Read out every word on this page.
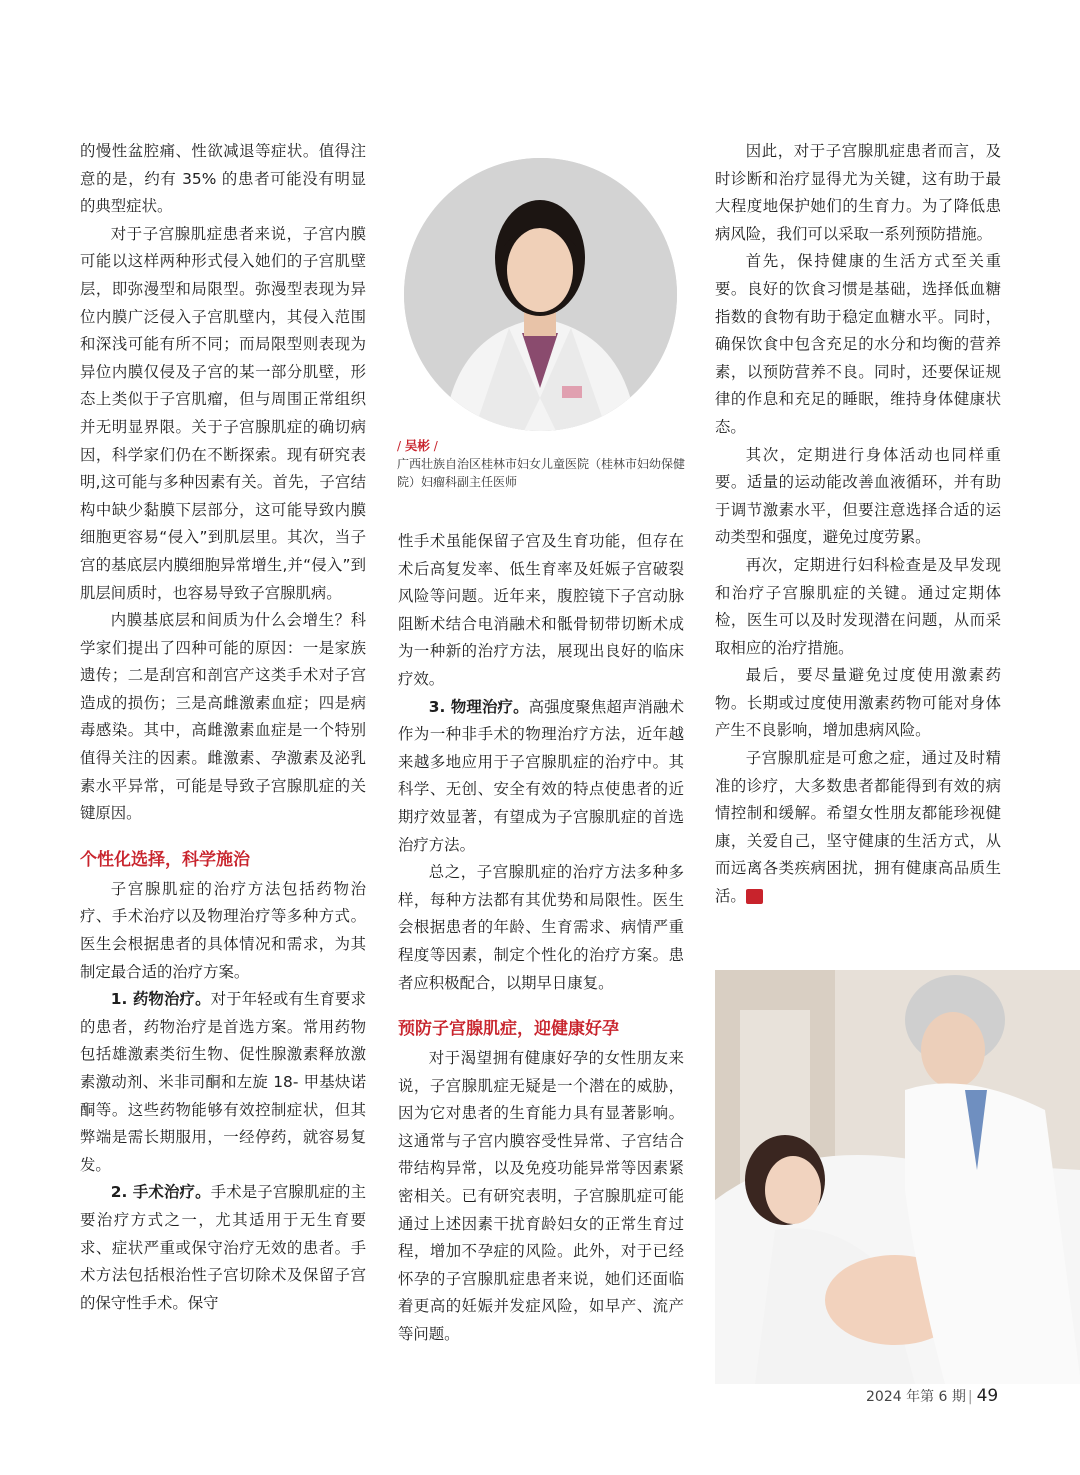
的慢性盆腔痛、性欲减退等症状。值得注意的是，约有 35% 的患者可能没有明显的典型症状。

对于子宫腺肌症患者来说，子宫内膜可能以这样两种形式侵入她们的子宫肌壁层，即弥漫型和局限型。弥漫型表现为异位内膜广泛侵入子宫肌壁内，其侵入范围和深浅可能有所不同；而局限型则表现为异位内膜仅侵及子宫的某一部分肌壁，形态上类似于子宫肌瘤，但与周围正常组织并无明显界限。关于子宫腺肌症的确切病因，科学家们仍在不断探索。现有研究表明,这可能与多种因素有关。首先，子宫结构中缺少黏膜下层部分，这可能导致内膜细胞更容易“侵入”到肌层里。其次，当子宫的基底层内膜细胞异常增生,并“侵入”到肌层间质时，也容易导致子宫腺肌病。

内膜基底层和间质为什么会增生？科学家们提出了四种可能的原因：一是家族遗传；二是刮宫和剖宫产这类手术对子宫造成的损伤；三是高雌激素血症；四是病毒感染。其中，高雌激素血症是一个特别值得关注的因素。雌激素、孕激素及泌乳素水平异常，可能是导致子宫腺肌症的关键原因。

个性化选择，科学施治

子宫腺肌症的治疗方法包括药物治疗、手术治疗以及物理治疗等多种方式。医生会根据患者的具体情况和需求，为其制定最合适的治疗方案。

1. 药物治疗。对于年轻或有生育要求的患者，药物治疗是首选方案。常用药物包括雄激素类衍生物、促性腺激素释放激素激动剂、米非司酮和左旋 18- 甲基炔诺酮等。这些药物能够有效控制症状，但其弊端是需长期服用，一经停药，就容易复发。

2. 手术治疗。手术是子宫腺肌症的主要治疗方式之一，尤其适用于无生育要求、症状严重或保守治疗无效的患者。手术方法包括根治性子宫切除术及保留子宫的保守性手术。保守

/ 吴彬 /
广西壮族自治区桂林市妇女儿童医院（桂林市妇幼保健院）妇瘤科副主任医师

性手术虽能保留子宫及生育功能，但存在术后高复发率、低生育率及妊娠子宫破裂风险等问题。近年来，腹腔镜下子宫动脉阻断术结合电消融术和骶骨韧带切断术成为一种新的治疗方法，展现出良好的临床疗效。

3. 物理治疗。高强度聚焦超声消融术作为一种非手术的物理治疗方法，近年越来越多地应用于子宫腺肌症的治疗中。其科学、无创、安全有效的特点使患者的近期疗效显著，有望成为子宫腺肌症的首选治疗方法。

总之，子宫腺肌症的治疗方法多种多样，每种方法都有其优势和局限性。医生会根据患者的年龄、生育需求、病情严重程度等因素，制定个性化的治疗方案。患者应积极配合，以期早日康复。

预防子宫腺肌症，迎健康好孕

对于渴望拥有健康好孕的女性朋友来说，子宫腺肌症无疑是一个潜在的威胁，因为它对患者的生育能力具有显著影响。这通常与子宫内膜容受性异常、子宫结合带结构异常，以及免疫功能异常等因素紧密相关。已有研究表明，子宫腺肌症可能通过上述因素干扰育龄妇女的正常生育过程，增加不孕症的风险。此外，对于已经怀孕的子宫腺肌症患者来说，她们还面临着更高的妊娠并发症风险，如早产、流产等问题。

因此，对于子宫腺肌症患者而言，及时诊断和治疗显得尤为关键，这有助于最大程度地保护她们的生育力。为了降低患病风险，我们可以采取一系列预防措施。

首先，保持健康的生活方式至关重要。良好的饮食习惯是基础，选择低血糖指数的食物有助于稳定血糖水平。同时，确保饮食中包含充足的水分和均衡的营养素，以预防营养不良。同时，还要保证规律的作息和充足的睡眠，维持身体健康状态。

其次，定期进行身体活动也同样重要。适量的运动能改善血液循环，并有助于调节激素水平，但要注意选择合适的运动类型和强度，避免过度劳累。

再次，定期进行妇科检查是及早发现和治疗子宫腺肌症的关键。通过定期体检，医生可以及时发现潜在问题，从而采取相应的治疗措施。

最后，要尽量避免过度使用激素药物。长期或过度使用激素药物可能对身体产生不良影响，增加患病风险。

子宫腺肌症是可愈之症，通过及时精准的诊疗，大多数患者都能得到有效的病情控制和缓解。希望女性朋友都能珍视健康，关爱自己，坚守健康的生活方式，从而远离各类疾病困扰，拥有健康高品质生活。	J

2024 年第 6 期 | 49
